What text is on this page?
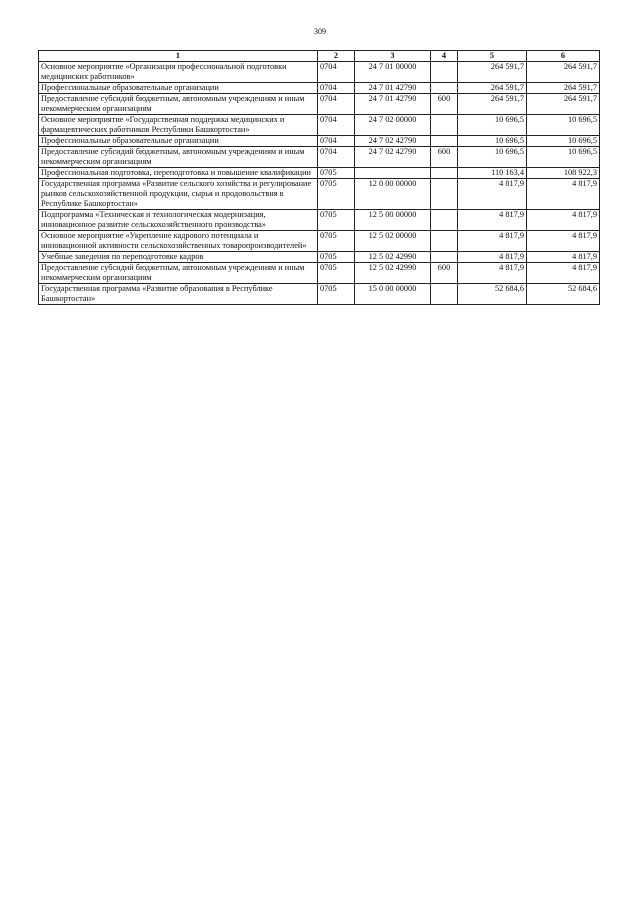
309
1	2	3	4	5	6
Основное мероприятие «Организация профессиональной подготовки медицинских работников»	0704	24 7 01 00000		264 591,7	264 591,7
Профессиональные образовательные организации	0704	24 7 01 42790		264 591,7	264 591,7
Предоставление субсидий бюджетным, автономным учреждениям и иным некоммерческим организациям	0704	24 7 01 42790	600	264 591,7	264 591,7
Основное мероприятие «Государственная поддержка медицинских и фармацевтических работников Республики Башкортостан»	0704	24 7 02 00000		10 696,5	10 696,5
Профессиональные образовательные организации	0704	24 7 02 42790		10 696,5	10 696,5
Предоставление субсидий бюджетным, автономным учреждениям и иным некоммерческим организациям	0704	24 7 02 42790	600	10 696,5	10 696,5
Профессиональная подготовка, переподготовка и повышение квалификации	0705			110 163,4	108 922,3
Государственная программа «Развитие сельского хозяйства и регулирование рынков сельскохозяйственной продукции, сырья и продовольствия в Республике Башкортостан»	0705	12 0 00 00000		4 817,9	4 817,9
Подпрограмма «Техническая и технологическая модернизация, инновационное развитие сельскохозяйственного производства»	0705	12 5 00 00000		4 817,9	4 817,9
Основное мероприятие «Укрепление кадрового потенциала и инновационной активности сельскохозяйственных товаропроизводителей»	0705	12 5 02 00000		4 817,9	4 817,9
Учебные заведения по переподготовке кадров	0705	12 5 02 42990		4 817,9	4 817,9
Предоставление субсидий бюджетным, автономным учреждениям и иным некоммерческим организациям	0705	12 5 02 42990	600	4 817,9	4 817,9
Государственная программа «Развитие образования в Республике Башкортостан»	0705	15 0 00 00000		52 684,6	52 684,6
